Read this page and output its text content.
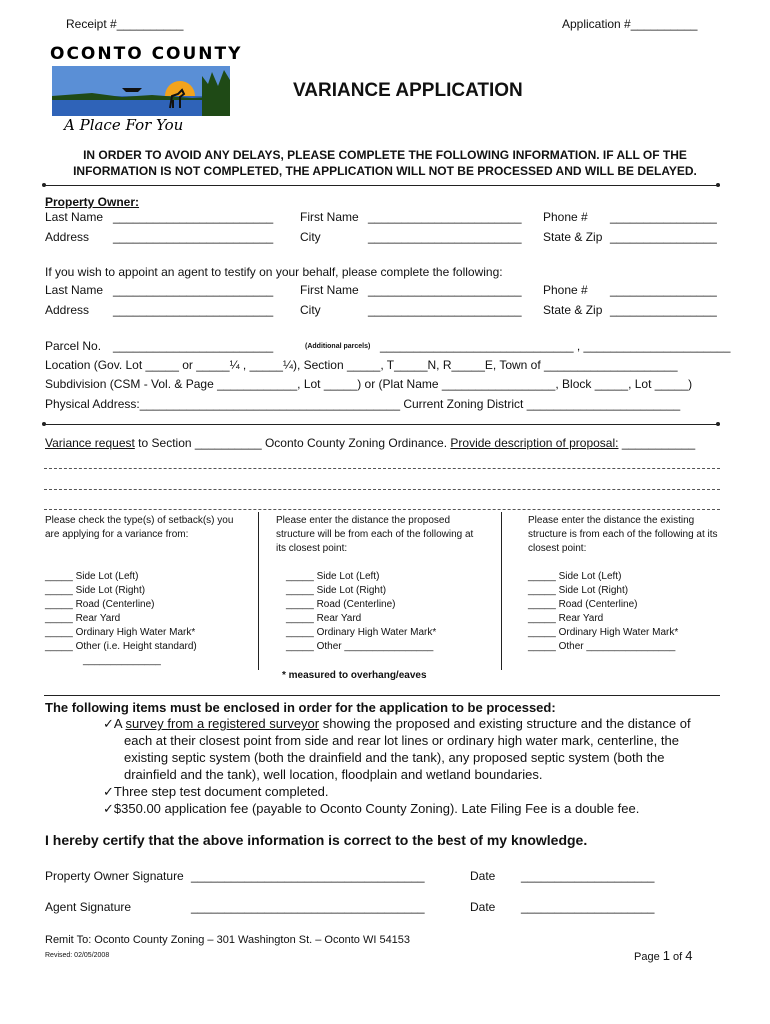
Receipt #__________	Application #__________
OCONTO COUNTY
A Place For You
VARIANCE APPLICATION
IN ORDER TO AVOID ANY DELAYS, PLEASE COMPLETE THE FOLLOWING INFORMATION. IF ALL OF THE
INFORMATION IS NOT COMPLETED, THE APPLICATION WILL NOT BE PROCESSED AND WILL BE DELAYED.
Property Owner:
Last Name ________________________ First Name _______________________ Phone # ________________
Address ________________________ City	_______________________ State & Zip ________________
If you wish to appoint an agent to testify on your behalf, please complete the following:
Last Name ________________________ First Name _______________________ Phone # ________________
Address ________________________ City	_______________________ State & Zip ________________
Parcel No. ________________________	(Additional parcels) _____________________________ , ______________________
Location (Gov. Lot _____ or _____¼ , _____¼), Section _____, T_____N, R_____E, Town of ____________________
Subdivision (CSM - Vol. & Page ____________, Lot _____) or (Plat Name _________________, Block _____, Lot _____)
Physical Address:_______________________________________ Current Zoning District _______________________
Variance request to Section __________ Oconto County Zoning Ordinance. Provide description of proposal: ___________
Please check the type(s) of setback(s) you are applying for a variance from:
Please enter the distance the proposed structure will be from each of the following at its closest point:
Please enter the distance the existing structure is from each of the following at its closest point:
_____ Side Lot (Left)
_____ Side Lot (Right)
_____ Road (Centerline)
_____ Rear Yard
_____ Ordinary High Water Mark*
_____ Other (i.e. Height standard)
______________
_____ Side Lot (Left)
_____ Side Lot (Right)
_____ Road (Centerline)
_____ Rear Yard
_____ Ordinary High Water Mark*
_____ Other ________________
_____ Side Lot (Left)
_____ Side Lot (Right)
_____ Road (Centerline)
_____ Rear Yard
_____ Ordinary High Water Mark*
_____ Other ________________
* measured to overhang/eaves
The following items must be enclosed in order for the application to be processed:
✓A survey from a registered surveyor showing the proposed and existing structure and the distance of
each at their closest point from side and rear lot lines or ordinary high water mark, centerline, the
existing septic system (both the drainfield and the tank), any proposed septic system (both the
drainfield and the tank), well location, floodplain and wetland boundaries.
✓Three step test document completed.
✓$350.00 application fee (payable to Oconto County Zoning). Late Filing Fee is a double fee.
I hereby certify that the above information is correct to the best of my knowledge.
Property Owner Signature ___________________________________	Date ____________________
Agent Signature	___________________________________	Date ____________________
Remit To: Oconto County Zoning – 301 Washington St. – Oconto WI 54153
Revised: 02/05/2008	Page 1 of 4
